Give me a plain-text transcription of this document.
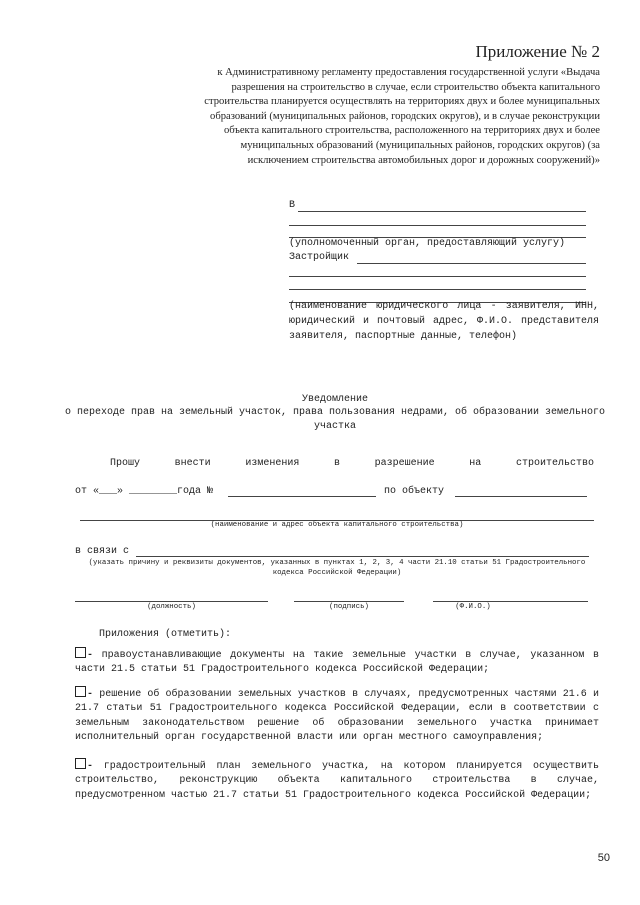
Приложение № 2
к Административному регламенту предоставления государственной услуги «Выдача разрешения на строительство в случае, если строительство объекта капитального строительства планируется осуществлять на территориях двух и более муниципальных образований (муниципальных районов, городских округов), и в случае реконструкции объекта капитального строительства, расположенного на территориях двух и более муниципальных образований (муниципальных районов, городских округов) (за исключением строительства автомобильных дорог и дорожных сооружений)»
В
(уполномоченный орган, предоставляющий услугу)
Застройщик
(наименование юридического лица - заявителя, ИНН, юридический и почтовый адрес, Ф.И.О. представителя заявителя, паспортные данные, телефон)
Уведомление
о переходе прав на земельный участок, права пользования недрами, об образовании земельного участка
Прошу	внести	изменения	в	разрешение	на	строительство
от «___» ________года №	по объекту
(наименование и адрес объекта капитального строительства)
в связи с
(указать причину и реквизиты документов, указанных в пунктах 1, 2, 3, 4 части 21.10 статьи 51 Градостроительного кодекса Российской Федерации)
(должность)	(подпись)	(Ф.И.О.)
Приложения (отметить):
- правоустанавливающие документы на такие земельные участки в случае, указанном в части 21.5 статьи 51 Градостроительного кодекса Российской Федерации;
- решение об образовании земельных участков в случаях, предусмотренных частями 21.6 и 21.7 статьи 51 Градостроительного кодекса Российской Федерации, если в соответствии с земельным законодательством решение об образовании земельного участка принимает исполнительный орган государственной власти или орган местного самоуправления;
- градостроительный план земельного участка, на котором планируется осуществить строительство, реконструкцию объекта капитального строительства в случае, предусмотренном частью 21.7 статьи 51 Градостроительного кодекса Российской Федерации;
50
